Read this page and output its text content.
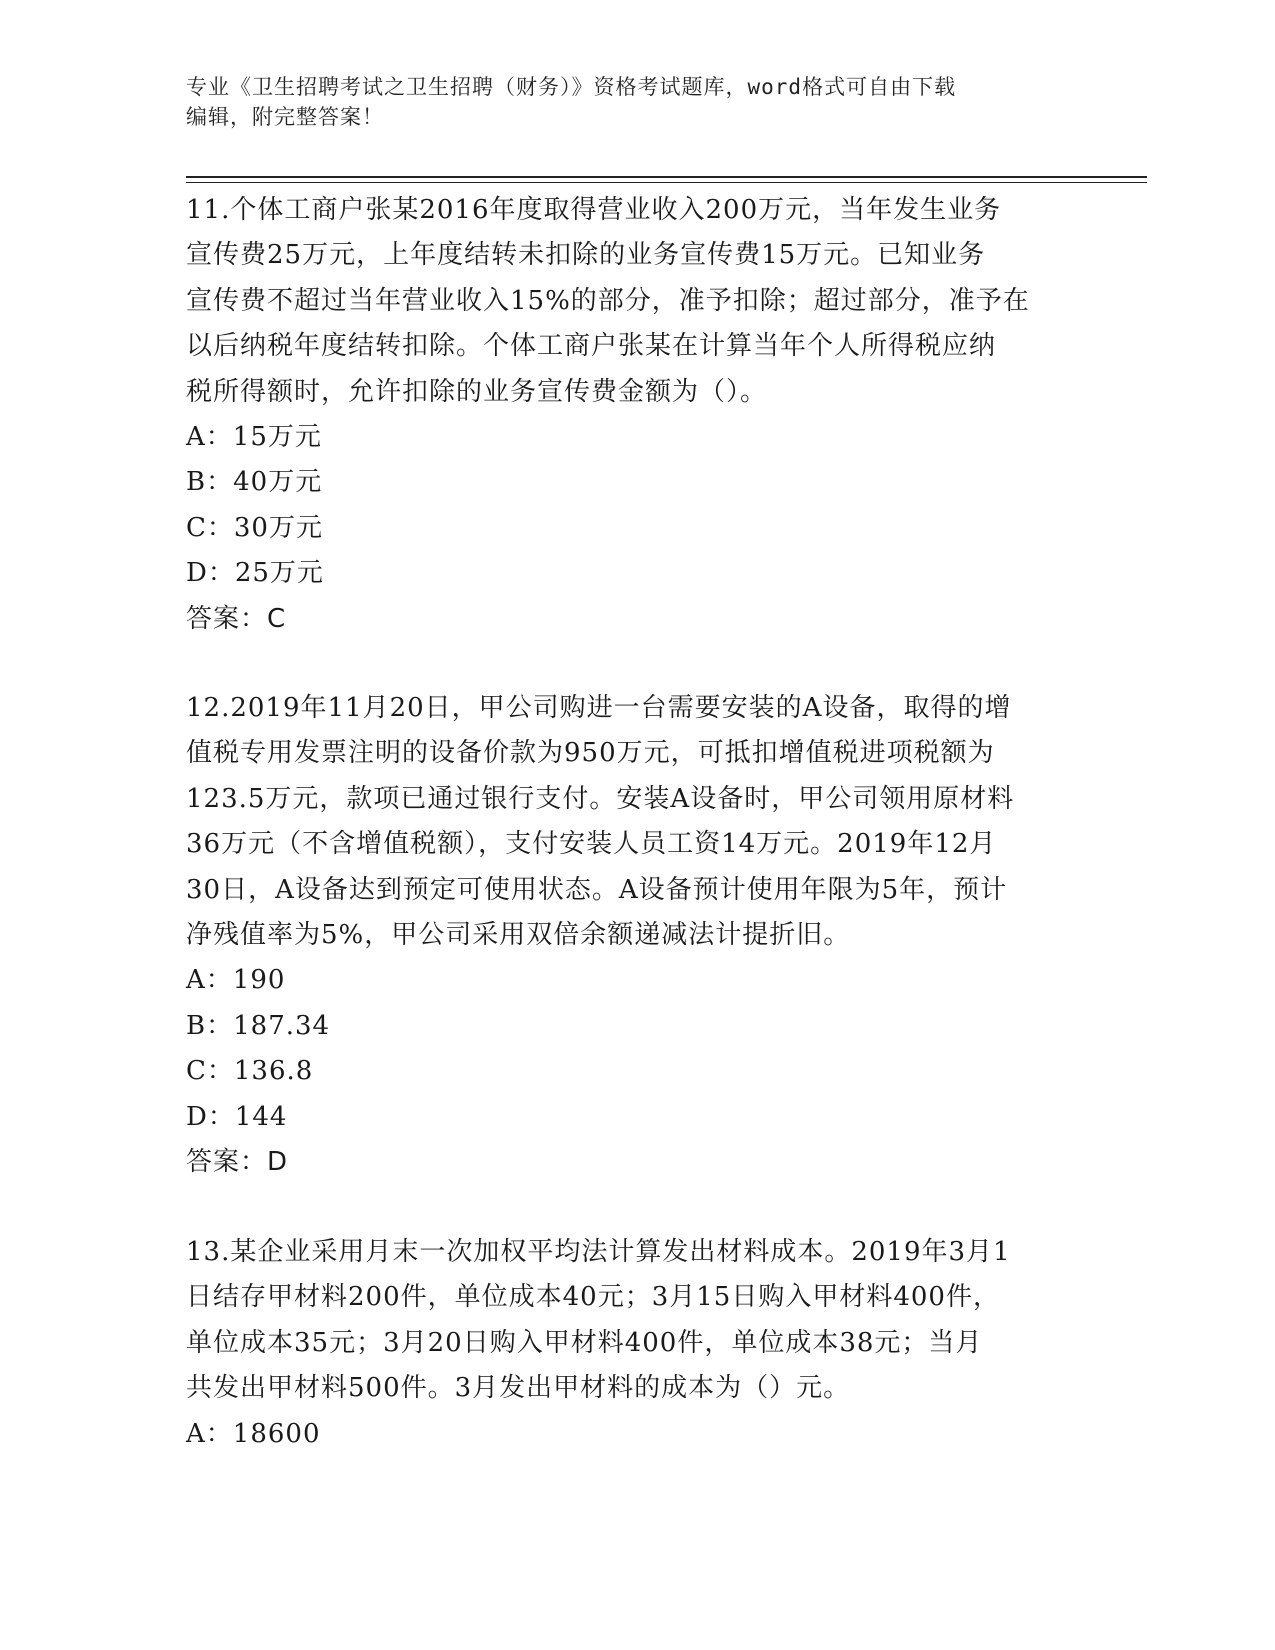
专业《卫生招聘考试之卫生招聘（财务）》资格考试题库，word格式可自由下载
编辑，附完整答案！
11.个体工商户张某2016年度取得营业收入200万元，当年发生业务
宣传费25万元，上年度结转未扣除的业务宣传费15万元。已知业务
宣传费不超过当年营业收入15%的部分，准予扣除；超过部分，准予在
以后纳税年度结转扣除。个体工商户张某在计算当年个人所得税应纳
税所得额时，允许扣除的业务宣传费金额为（）。
A：15万元
B：40万元
C：30万元
D：25万元
答案：C
12.2019年11月20日，甲公司购进一台需要安装的A设备，取得的增
值税专用发票注明的设备价款为950万元，可抵扣增值税进项税额为
123.5万元，款项已通过银行支付。安装A设备时，甲公司领用原材料
36万元（不含增值税额），支付安装人员工资14万元。2019年12月
30日，A设备达到预定可使用状态。A设备预计使用年限为5年，预计
净残值率为5%，甲公司采用双倍余额递减法计提折旧。
A：190
B：187.34
C：136.8
D：144
答案：D
13.某企业采用月末一次加权平均法计算发出材料成本。2019年3月1
日结存甲材料200件，单位成本40元；3月15日购入甲材料400件，
单位成本35元；3月20日购入甲材料400件，单位成本38元；当月
共发出甲材料500件。3月发出甲材料的成本为（）元。
A：18600
